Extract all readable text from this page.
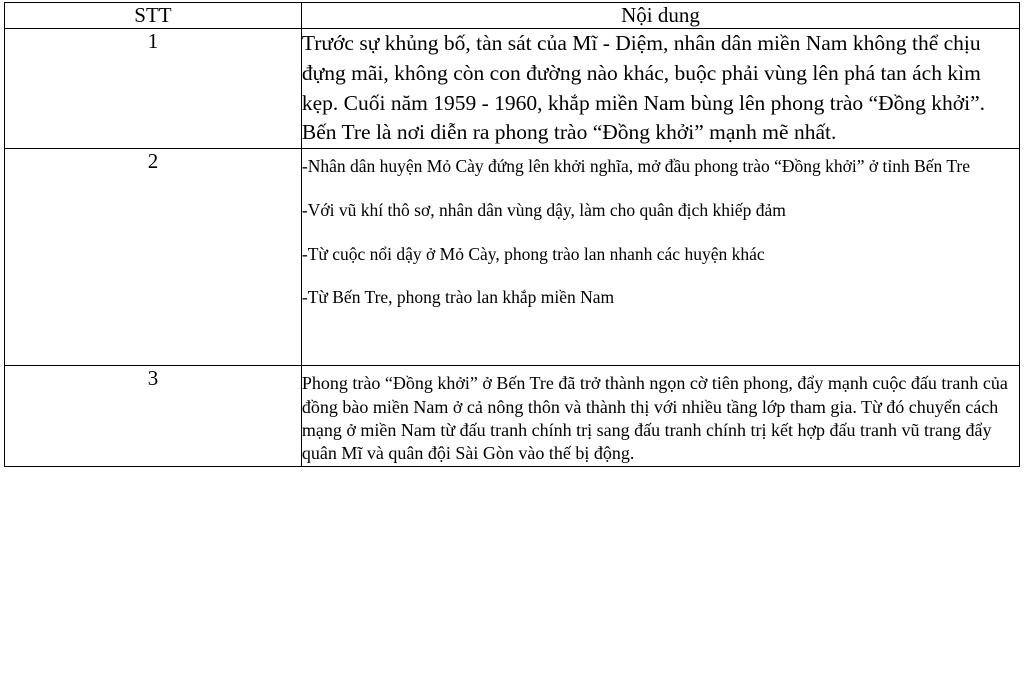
STT	Nội dung
1	Trước sự khủng bố, tàn sát của Mĩ - Diệm, nhân dân miền Nam không thể chịu đựng mãi, không còn con đường nào khác, buộc phải vùng lên phá tan ách kìm kẹp. Cuối năm 1959 - 1960, khắp miền Nam bùng lên phong trào “Đồng khởi”. Bến Tre là nơi diễn ra phong trào “Đồng khởi” mạnh mẽ nhất.

2	-Nhân dân huyện Mỏ Cày đứng lên khởi nghĩa, mở đầu phong trào “Đồng khởi” ở tỉnh Bến Tre

-Với vũ khí thô sơ, nhân dân vùng dậy, làm cho quân địch khiếp đảm

-Từ cuộc nổi dậy ở Mỏ Cày, phong trào lan nhanh các huyện khác

-Từ Bến Tre, phong trào lan khắp miền Nam

3	Phong trào “Đồng khởi” ở Bến Tre đã trở thành ngọn cờ tiên phong, đẩy mạnh cuộc đấu tranh của đồng bào miền Nam ở cả nông thôn và thành thị với nhiều tầng lớp tham gia. Từ đó chuyển cách mạng ở miền Nam từ đấu tranh chính trị sang đấu tranh chính trị kết hợp đấu tranh vũ trang đẩy quân Mĩ và quân đội Sài Gòn vào thế bị động.
